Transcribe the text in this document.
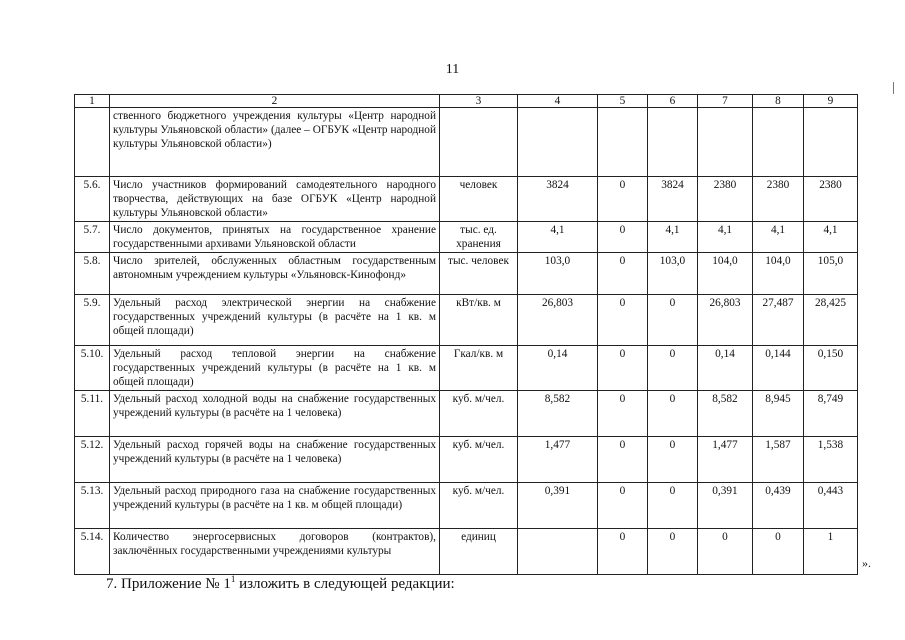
11
1	2	3	4	5	6	7	8	9
	ственного бюджетного учреждения культуры «Центр народной культуры Ульяновской области» (далее – ОГБУК «Центр народной культуры Ульяновской области»)							
5.6.	Число участников формирований самодеятельного народного творчества, действующих на базе ОГБУК «Центр народной культуры Ульяновской области»	человек	3824	0	3824	2380	2380	2380
5.7.	Число документов, принятых на государственное хранение государственными архивами Ульяновской области	тыс. ед. хранения	4,1	0	4,1	4,1	4,1	4,1
5.8.	Число зрителей, обслуженных областным государственным автономным учреждением культуры «Ульяновск-Кинофонд»	тыс. человек	103,0	0	103,0	104,0	104,0	105,0
5.9.	Удельный расход электрической энергии на снабжение государственных учреждений культуры (в расчёте на 1 кв. м общей площади)	кВт/кв. м	26,803	0	0	26,803	27,487	28,425
5.10.	Удельный расход тепловой энергии на снабжение государственных учреждений культуры (в расчёте на 1 кв. м общей площади)	Гкал/кв. м	0,14	0	0	0,14	0,144	0,150
5.11.	Удельный расход холодной воды на снабжение государственных учреждений культуры (в расчёте на 1 человека)	куб. м/чел.	8,582	0	0	8,582	8,945	8,749
5.12.	Удельный расход горячей воды на снабжение государственных учреждений культуры (в расчёте на 1 человека)	куб. м/чел.	1,477	0	0	1,477	1,587	1,538
5.13.	Удельный расход природного газа на снабжение государственных учреждений культуры (в расчёте на 1 кв. м общей площади)	куб. м/чел.	0,391	0	0	0,391	0,439	0,443
5.14.	Количество энергосервисных договоров (контрактов), заключённых государственными учреждениями культуры	единиц		0	0	0	0	1
».
7. Приложение № $1^1$ изложить в следующей редакции:
